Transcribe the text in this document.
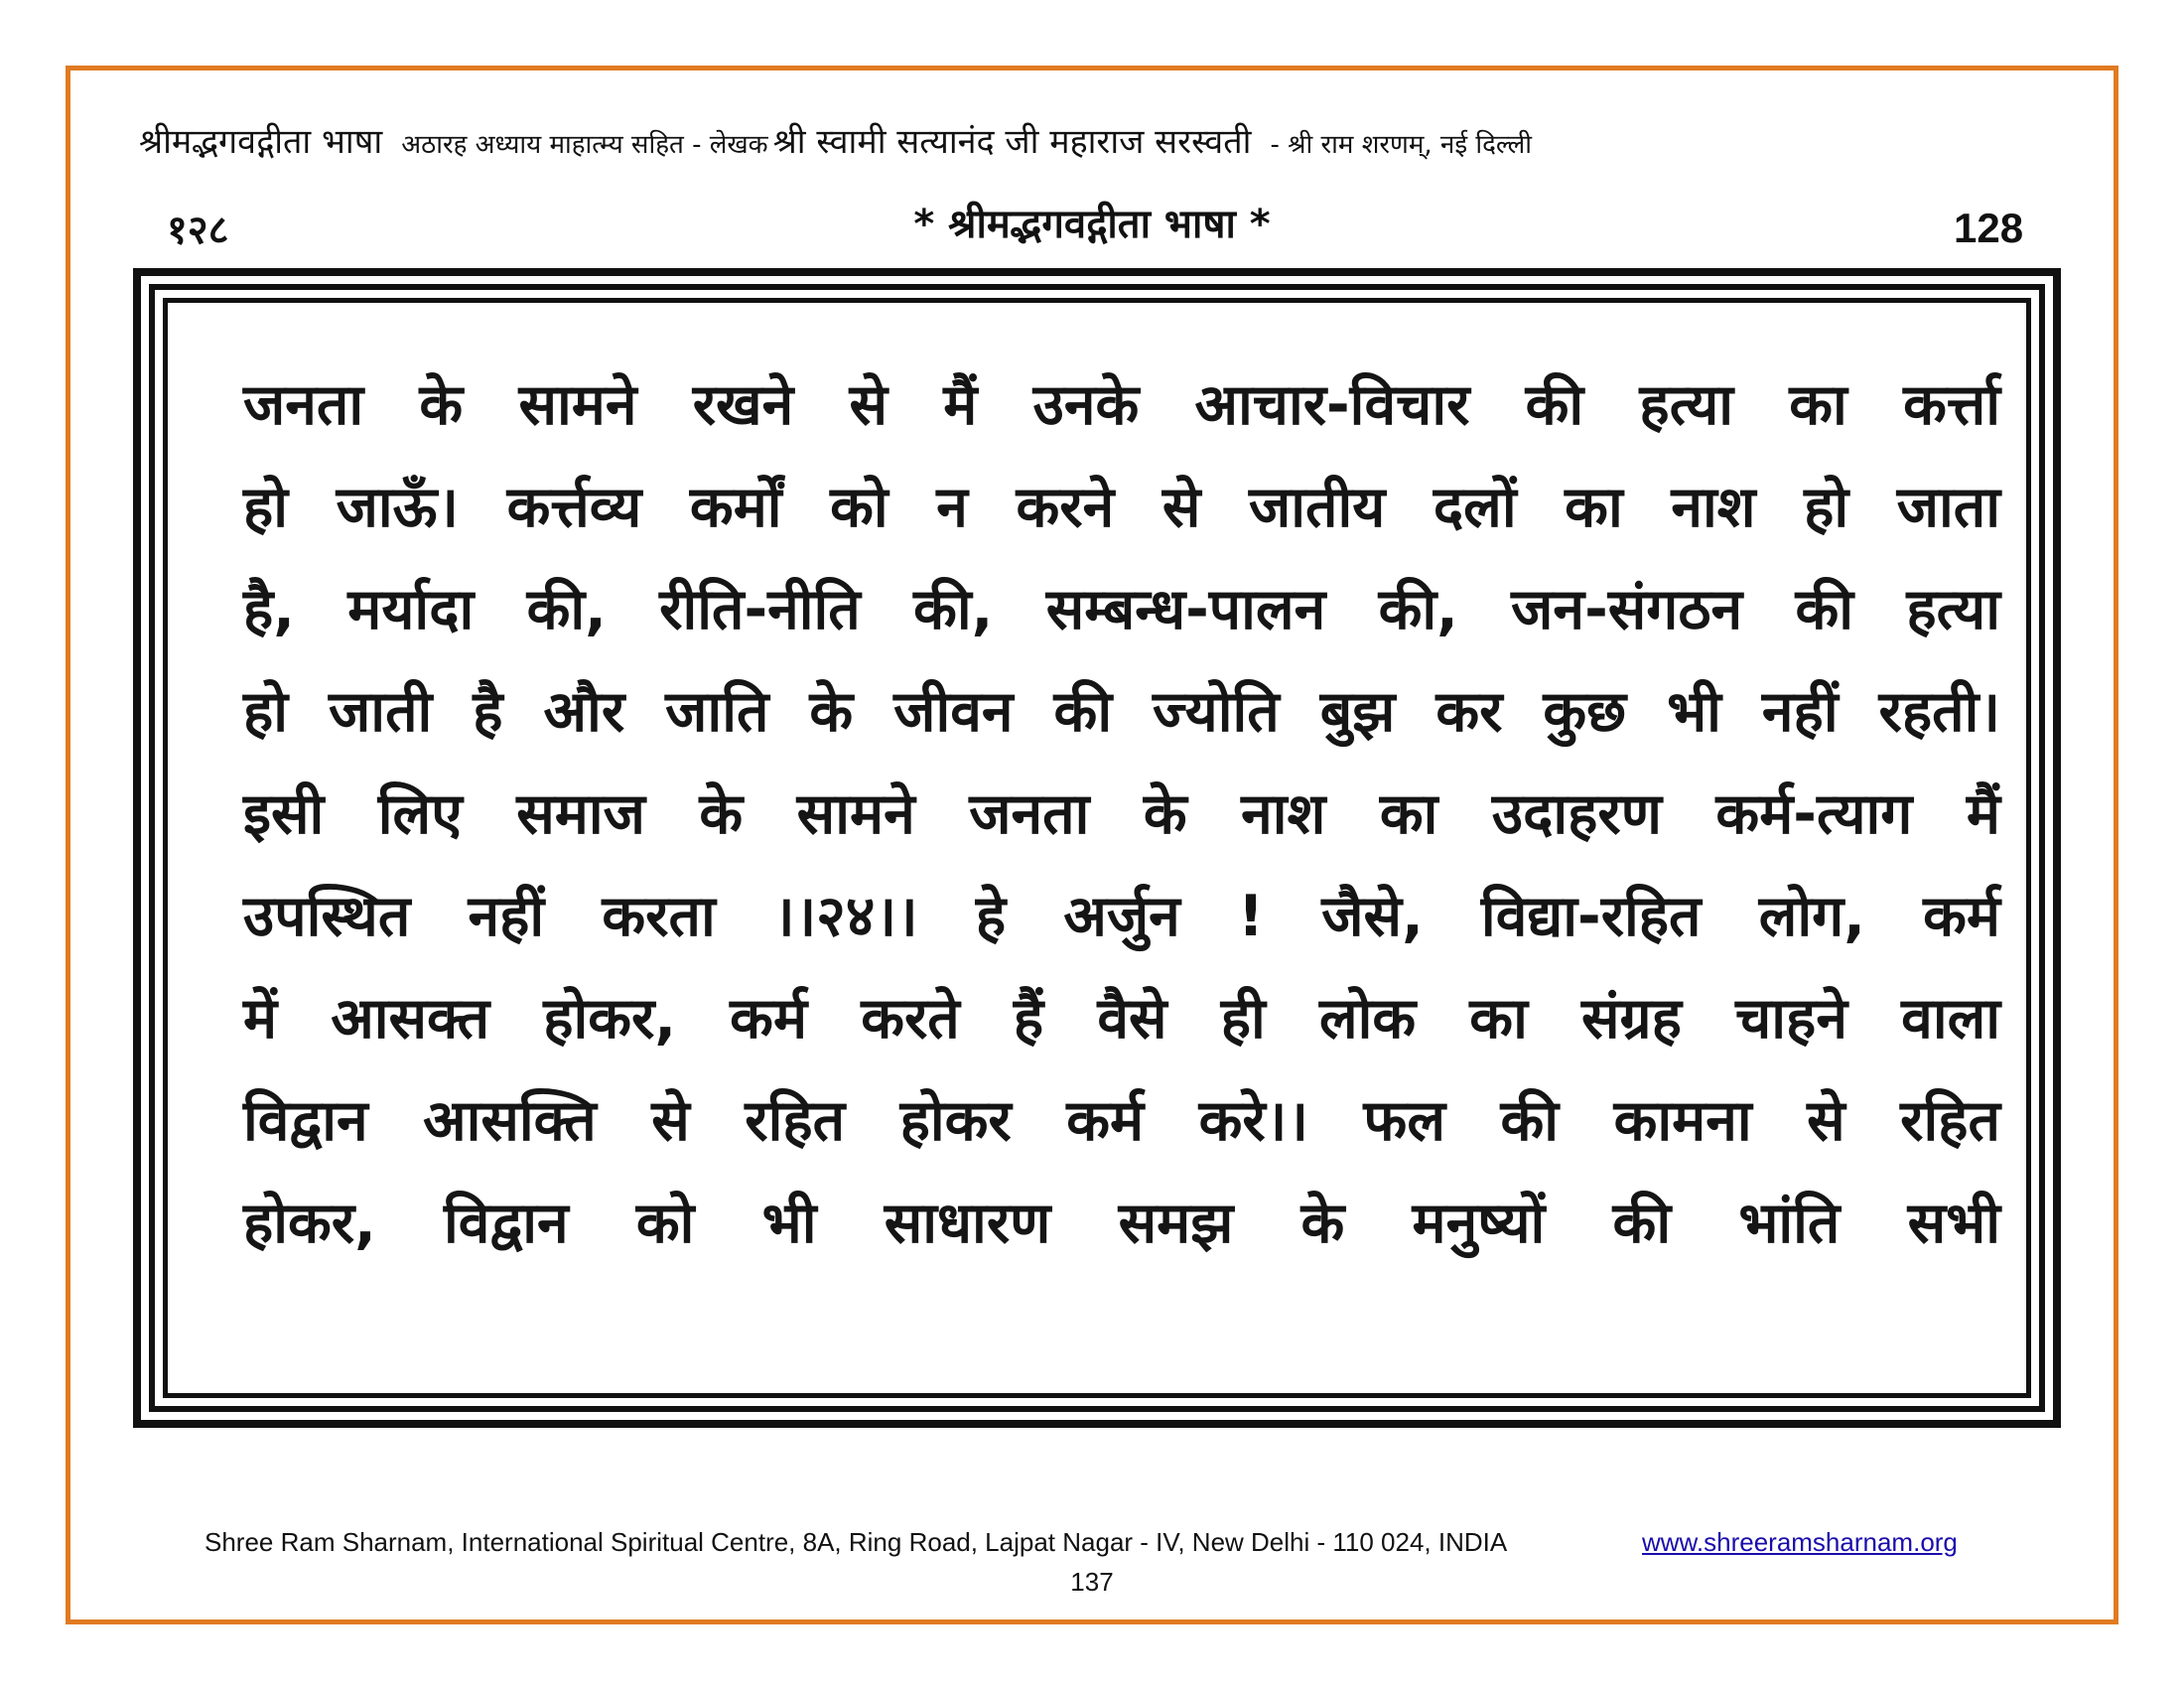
श्रीमद्भगवद्गीता भाषा अठारह अध्याय माहात्म्य सहित - लेखक श्री स्वामी सत्यानंद जी महाराज सरस्वती - श्री राम शरणम्, नई दिल्ली
१२८	* श्रीमद्भगवद्गीता भाषा *	128
जनता के सामने रखने से मैं उनके आचार-विचार की हत्या का कर्त्ता
हो जाऊँ। कर्त्तव्य कर्मों को न करने से जातीय दलों का नाश हो जाता
है, मर्यादा की, रीति-नीति की, सम्बन्ध-पालन की, जन-संगठन की हत्या
हो जाती है और जाति के जीवन की ज्योति बुझ कर कुछ भी नहीं रहती।
इसी लिए समाज के सामने जनता के नाश का उदाहरण कर्म-त्याग मैं
उपस्थित नहीं करता ।।२४।। हे अर्जुन ! जैसे, विद्या-रहित लोग, कर्म
में आसक्त होकर, कर्म करते हैं वैसे ही लोक का संग्रह चाहने वाला
विद्वान आसक्ति से रहित होकर कर्म करे।। फल की कामना से रहित
होकर, विद्वान को भी साधारण समझ के मनुष्यों की भांति सभी
Shree Ram Sharnam, International Spiritual Centre, 8A, Ring Road, Lajpat Nagar - IV, New Delhi - 110 024, INDIA	www.shreeramsharnam.org
137
